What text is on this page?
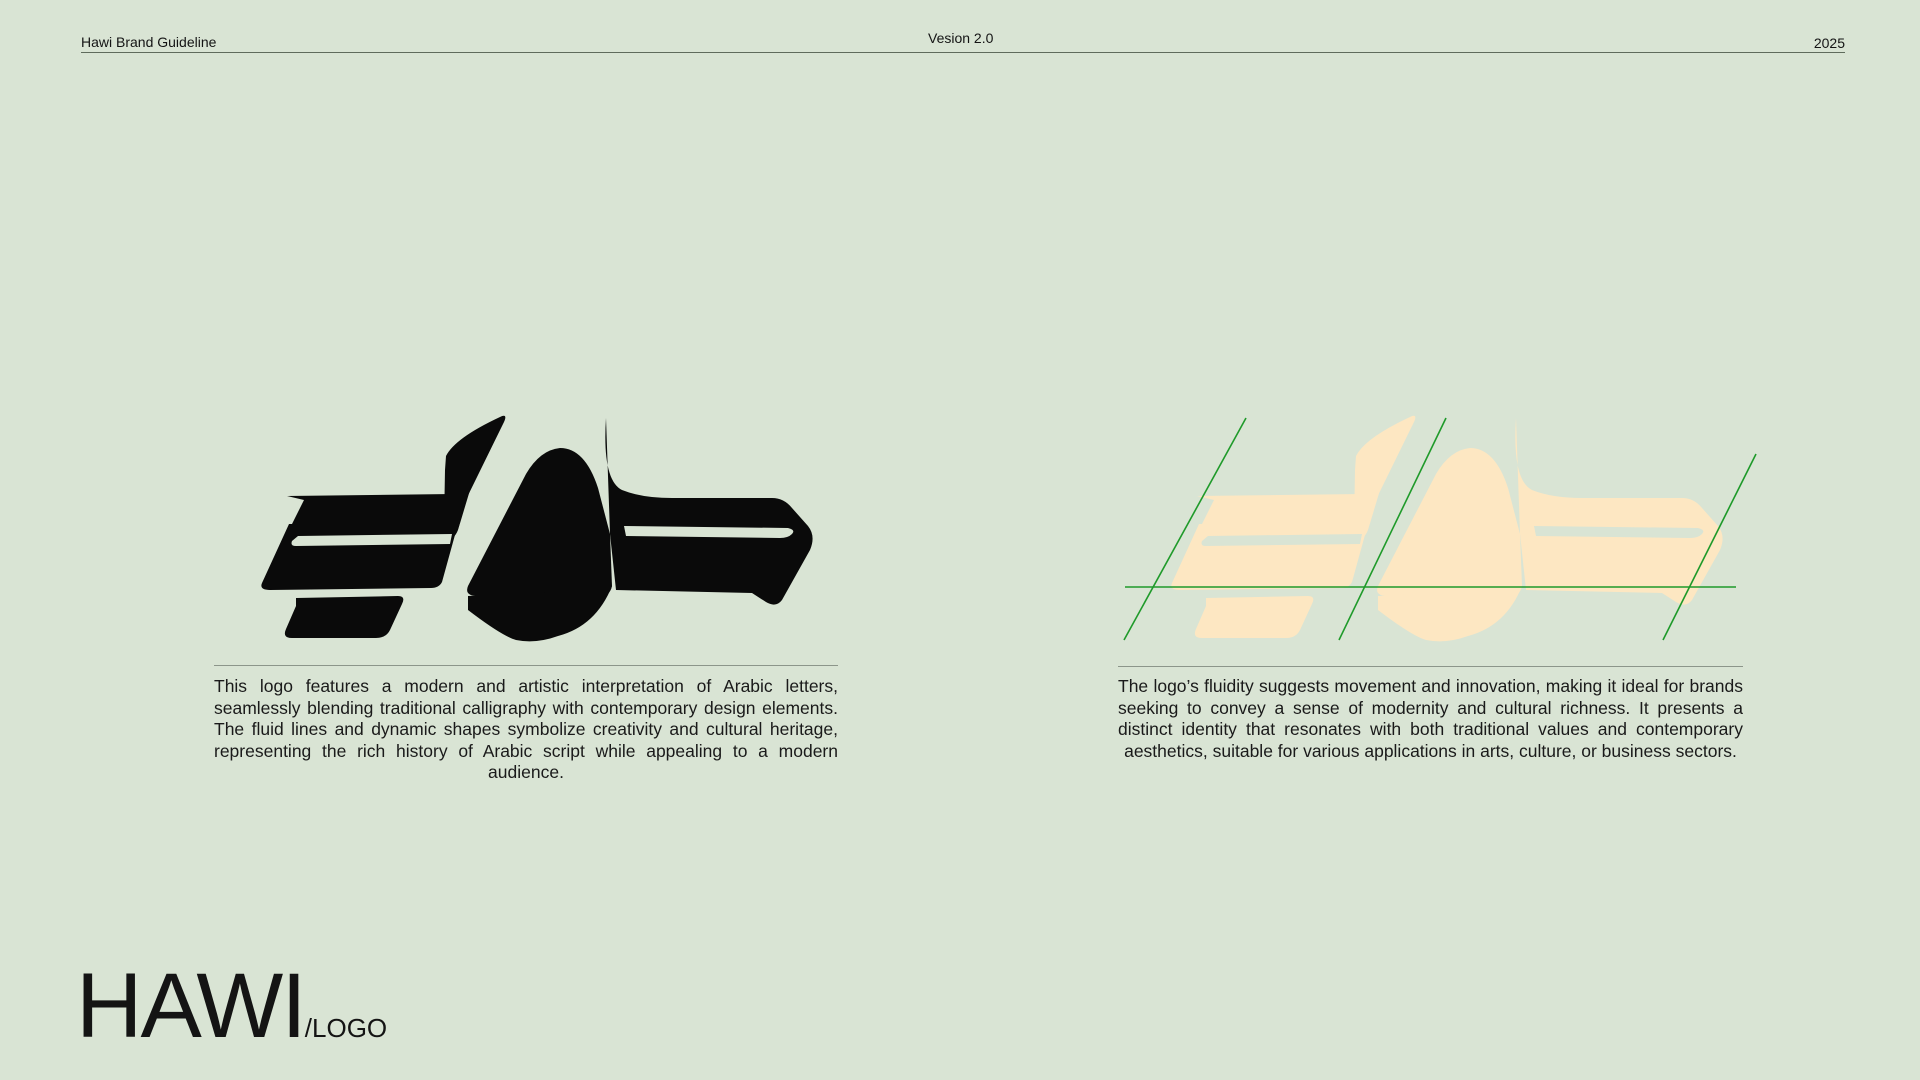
Hawi Brand Guideline	Vesion 2.0	2025

This logo features a modern and artistic interpretation of Arabic letters, seamlessly blending traditional calligraphy with contemporary design elements. The fluid lines and dynamic shapes symbolize creativity and cultural heritage, representing the rich history of Arabic script while appealing to a modern audience.

The logo’s fluidity suggests movement and innovation, making it ideal for brands seeking to convey a sense of modernity and cultural richness. It presents a distinct identity that resonates with both traditional values and contemporary aesthetics, suitable for various applications in arts, culture, or business sectors.

HAWI/LOGO
